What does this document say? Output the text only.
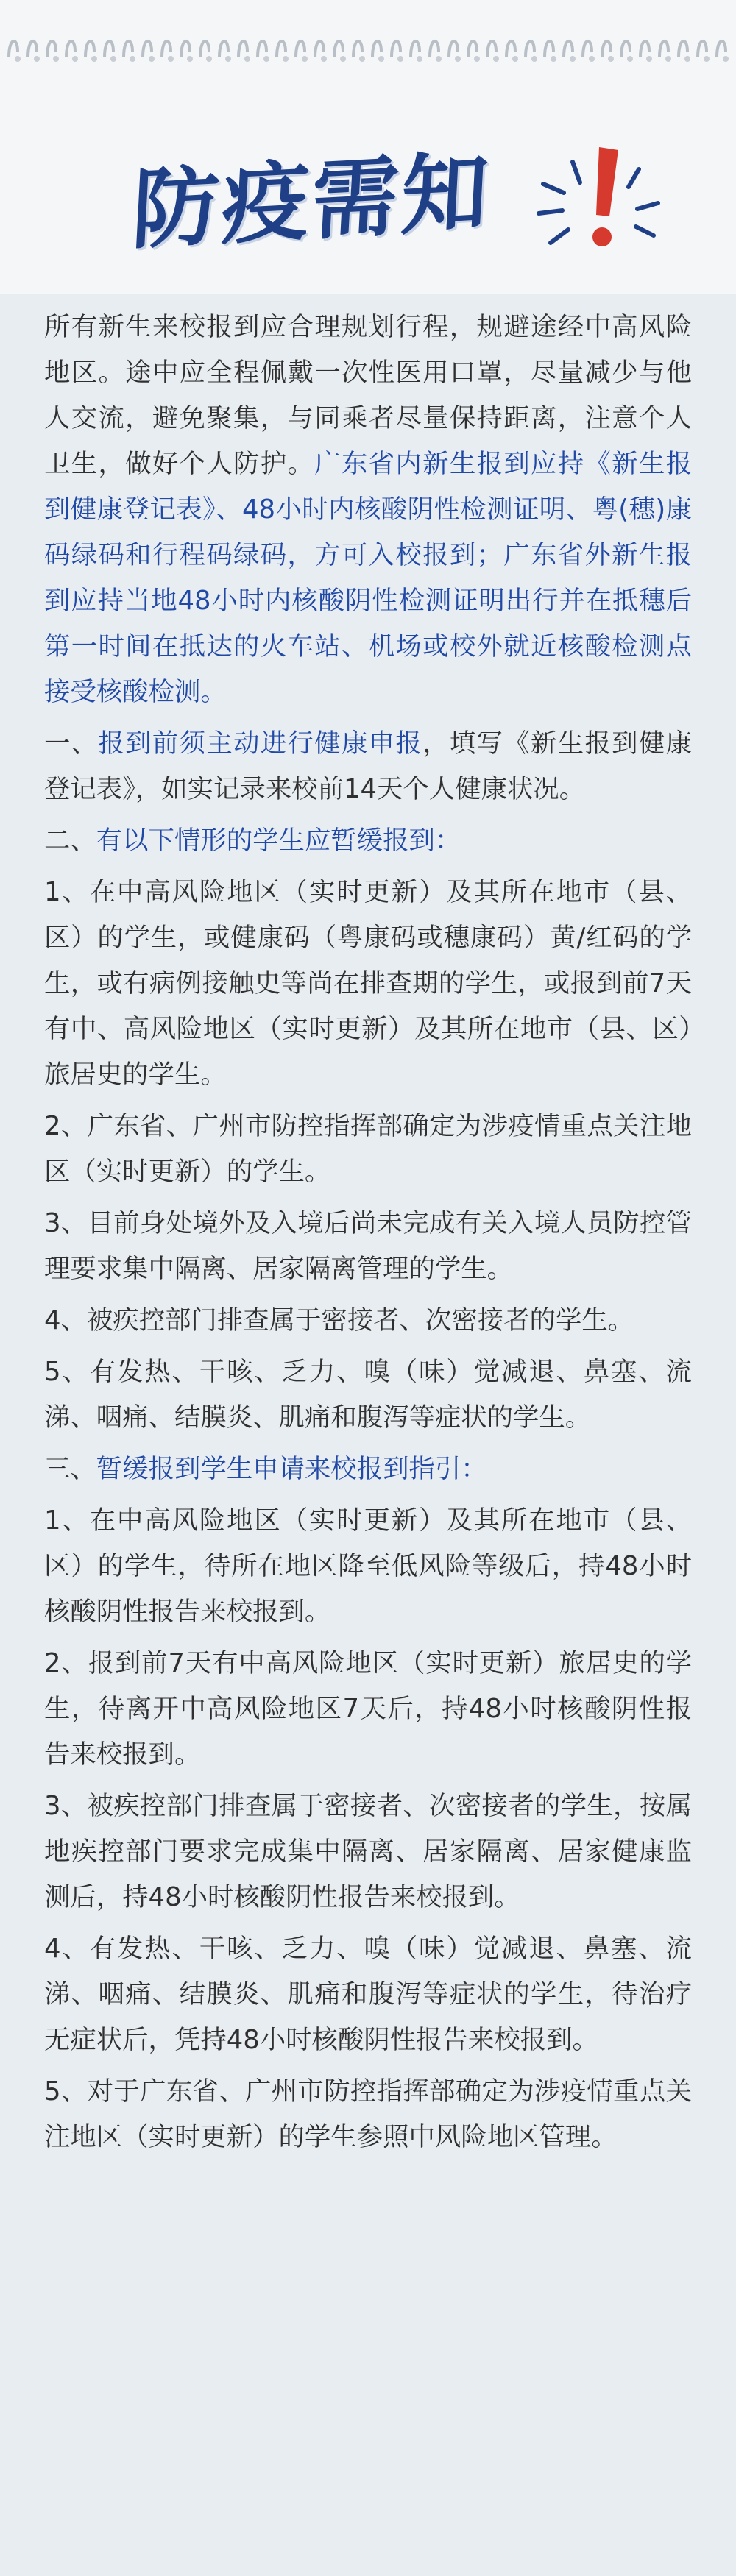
防疫需知

所有新生来校报到应合理规划行程，规避途经中高风险地区。途中应全程佩戴一次性医用口罩，尽量减少与他人交流，避免聚集，与同乘者尽量保持距离，注意个人卫生，做好个人防护。广东省内新生报到应持《新生报到健康登记表》、48小时内核酸阴性检测证明、粤(穗)康码绿码和行程码绿码，方可入校报到；广东省外新生报到应持当地48小时内核酸阴性检测证明出行并在抵穗后第一时间在抵达的火车站、机场或校外就近核酸检测点接受核酸检测。

一、报到前须主动进行健康申报，填写《新生报到健康登记表》，如实记录来校前14天个人健康状况。

二、有以下情形的学生应暂缓报到：

1、在中高风险地区（实时更新）及其所在地市（县、区）的学生，或健康码（粤康码或穗康码）黄/红码的学生，或有病例接触史等尚在排查期的学生，或报到前7天有中、高风险地区（实时更新）及其所在地市（县、区）旅居史的学生。

2、广东省、广州市防控指挥部确定为涉疫情重点关注地区（实时更新）的学生。

3、目前身处境外及入境后尚未完成有关入境人员防控管理要求集中隔离、居家隔离管理的学生。

4、被疾控部门排查属于密接者、次密接者的学生。

5、有发热、干咳、乏力、嗅（味）觉减退、鼻塞、流涕、咽痛、结膜炎、肌痛和腹泻等症状的学生。

三、暂缓报到学生申请来校报到指引：

1、在中高风险地区（实时更新）及其所在地市（县、区）的学生，待所在地区降至低风险等级后，持48小时核酸阴性报告来校报到。

2、报到前7天有中高风险地区（实时更新）旅居史的学生，待离开中高风险地区7天后，持48小时核酸阴性报告来校报到。

3、被疾控部门排查属于密接者、次密接者的学生，按属地疾控部门要求完成集中隔离、居家隔离、居家健康监测后，持48小时核酸阴性报告来校报到。

4、有发热、干咳、乏力、嗅（味）觉减退、鼻塞、流涕、咽痛、结膜炎、肌痛和腹泻等症状的学生，待治疗无症状后，凭持48小时核酸阴性报告来校报到。

5、对于广东省、广州市防控指挥部确定为涉疫情重点关注地区（实时更新）的学生参照中风险地区管理。
